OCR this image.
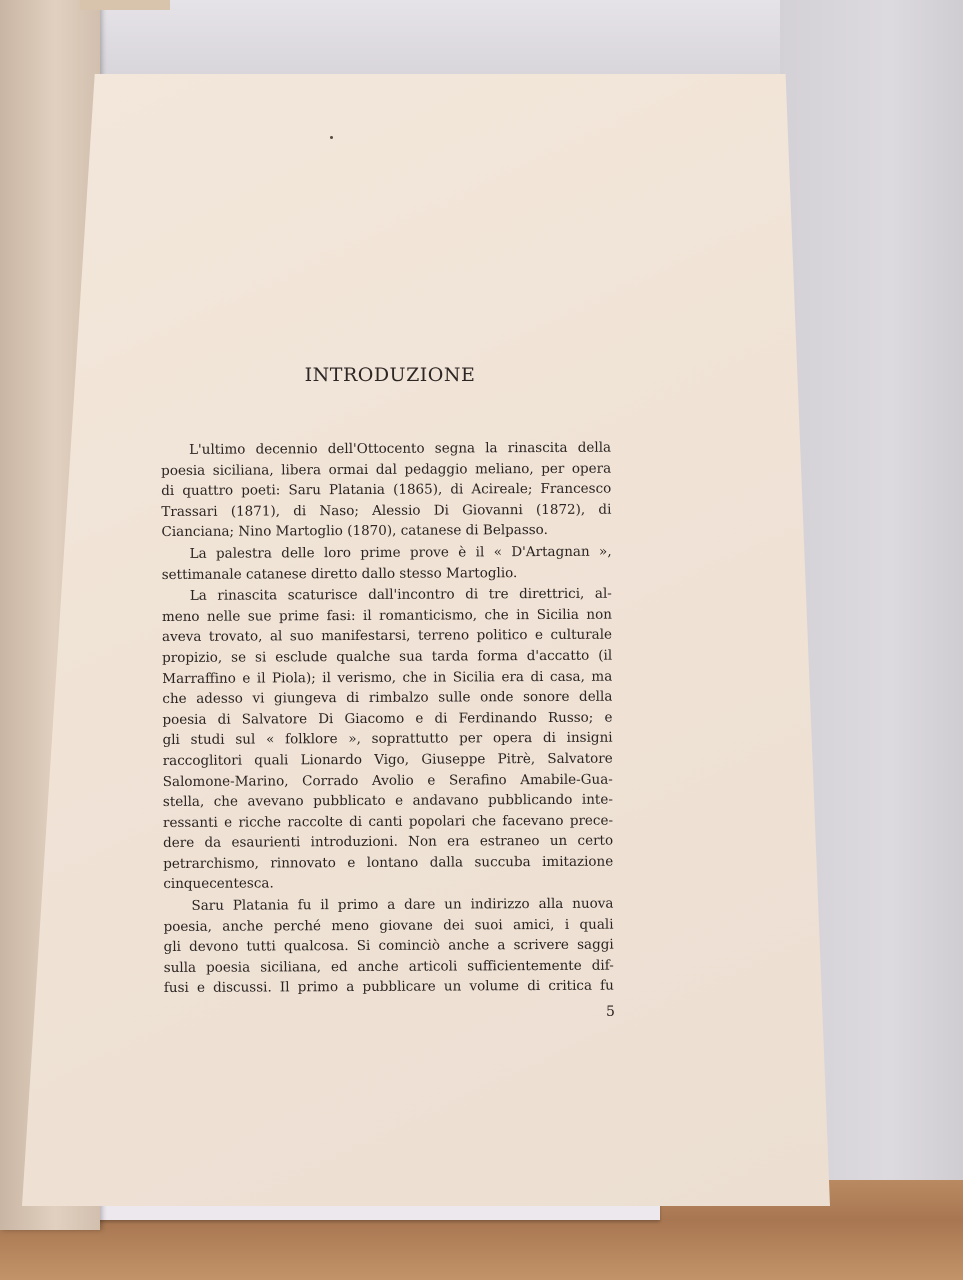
INTRODUZIONE
L'ultimo decennio dell'Ottocento segna la rinascita della
poesia siciliana, libera ormai dal pedaggio meliano, per opera
di quattro poeti: Saru Platania (1865), di Acireale; Francesco
Trassari (1871), di Naso; Alessio Di Giovanni (1872), di
Cianciana; Nino Martoglio (1870), catanese di Belpasso.
La palestra delle loro prime prove è il « D'Artagnan »,
settimanale catanese diretto dallo stesso Martoglio.
La rinascita scaturisce dall'incontro di tre direttrici, al-
meno nelle sue prime fasi: il romanticismo, che in Sicilia non
aveva trovato, al suo manifestarsi, terreno politico e culturale
propizio, se si esclude qualche sua tarda forma d'accatto (il
Marraffino e il Piola); il verismo, che in Sicilia era di casa, ma
che adesso vi giungeva di rimbalzo sulle onde sonore della
poesia di Salvatore Di Giacomo e di Ferdinando Russo; e
gli studi sul « folklore », soprattutto per opera di insigni
raccoglitori quali Lionardo Vigo, Giuseppe Pitrè, Salvatore
Salomone-Marino, Corrado Avolio e Serafino Amabile-Gua-
stella, che avevano pubblicato e andavano pubblicando inte-
ressanti e ricche raccolte di canti popolari che facevano prece-
dere da esaurienti introduzioni. Non era estraneo un certo
petrarchismo, rinnovato e lontano dalla succuba imitazione
cinquecentesca.
Saru Platania fu il primo a dare un indirizzo alla nuova
poesia, anche perché meno giovane dei suoi amici, i quali
gli devono tutti qualcosa. Si cominciò anche a scrivere saggi
sulla poesia siciliana, ed anche articoli sufficientemente dif-
fusi e discussi. Il primo a pubblicare un volume di critica fu

5
